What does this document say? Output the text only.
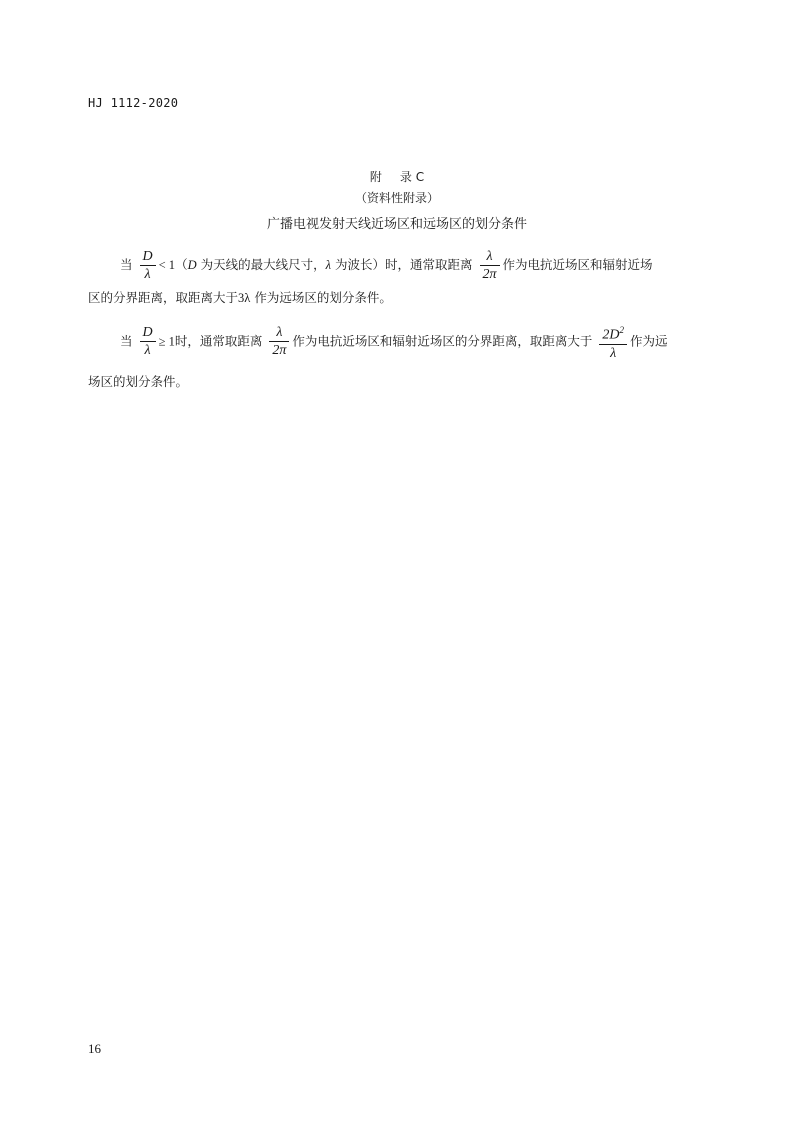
HJ 1112-2020
附 录 C
（资料性附录）
广播电视发射天线近场区和远场区的划分条件
当 $\frac{D}{\lambda} < 1(D$ 为天线的最大线尺寸，λ 为波长）时，通常取距离 $\frac{\lambda}{2\pi}$ 作为电抗近场区和辐射近场
区的分界距离，取距离大于3λ 作为远场区的划分条件。
当 $\frac{D}{\lambda} \ge 1$时，通常取距离 $\frac{\lambda}{2\pi}$ 作为电抗近场区和辐射近场区的分界距离，取距离大于 $\frac{2D^2}{\lambda}$ 作为远
场区的划分条件。
16
